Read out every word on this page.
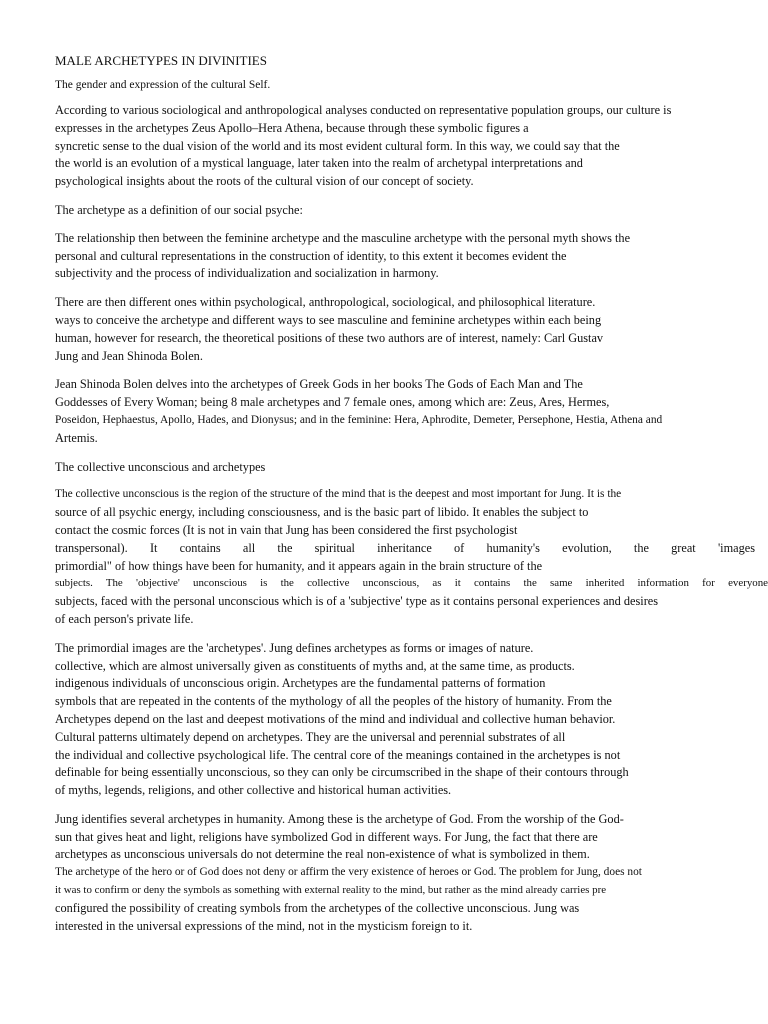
MALE ARCHETYPES IN DIVINITIES
The gender and expression of the cultural Self.
According to various sociological and anthropological analyses conducted on representative population groups, our culture is
expresses in the archetypes Zeus Apollo–Hera Athena, because through these symbolic figures a
syncretic sense to the dual vision of the world and its most evident cultural form. In this way, we could say that the
the world is an evolution of a mystical language, later taken into the realm of archetypal interpretations and
psychological insights about the roots of the cultural vision of our concept of society.
The archetype as a definition of our social psyche:
The relationship then between the feminine archetype and the masculine archetype with the personal myth shows the
personal and cultural representations in the construction of identity, to this extent it becomes evident the
subjectivity and the process of individualization and socialization in harmony.
There are then different ones within psychological, anthropological, sociological, and philosophical literature.
ways to conceive the archetype and different ways to see masculine and feminine archetypes within each being
human, however for research, the theoretical positions of these two authors are of interest, namely: Carl Gustav
Jung and Jean Shinoda Bolen.
Jean Shinoda Bolen delves into the archetypes of Greek Gods in her books The Gods of Each Man and The
Goddesses of Every Woman; being 8 male archetypes and 7 female ones, among which are: Zeus, Ares, Hermes,
Poseidon, Hephaestus, Apollo, Hades, and Dionysus; and in the feminine: Hera, Aphrodite, Demeter, Persephone, Hestia, Athena and
Artemis.
The collective unconscious and archetypes
The collective unconscious is the region of the structure of the mind that is the deepest and most important for Jung. It is the
source of all psychic energy, including consciousness, and is the basic part of libido. It enables the subject to
contact the cosmic forces (It is not in vain that Jung has been considered the first psychologist
transpersonal). It contains all the spiritual inheritance of humanity's evolution, the great 'images
primordial" of how things have been for humanity, and it appears again in the brain structure of the
subjects. The 'objective' unconscious is the collective unconscious, as it contains the same inherited information for everyone
subjects, faced with the personal unconscious which is of a 'subjective' type as it contains personal experiences and desires
of each person's private life.
The primordial images are the 'archetypes'. Jung defines archetypes as forms or images of nature.
collective, which are almost universally given as constituents of myths and, at the same time, as products.
indigenous individuals of unconscious origin. Archetypes are the fundamental patterns of formation
symbols that are repeated in the contents of the mythology of all the peoples of the history of humanity. From the
Archetypes depend on the last and deepest motivations of the mind and individual and collective human behavior.
Cultural patterns ultimately depend on archetypes. They are the universal and perennial substrates of all
the individual and collective psychological life. The central core of the meanings contained in the archetypes is not
definable for being essentially unconscious, so they can only be circumscribed in the shape of their contours through
of myths, legends, religions, and other collective and historical human activities.
Jung identifies several archetypes in humanity. Among these is the archetype of God. From the worship of the God-
sun that gives heat and light, religions have symbolized God in different ways. For Jung, the fact that there are
archetypes as unconscious universals do not determine the real non-existence of what is symbolized in them.
The archetype of the hero or of God does not deny or affirm the very existence of heroes or God. The problem for Jung, does not
it was to confirm or deny the symbols as something with external reality to the mind, but rather as the mind already carries pre
configured the possibility of creating symbols from the archetypes of the collective unconscious. Jung was
interested in the universal expressions of the mind, not in the mysticism foreign to it.
